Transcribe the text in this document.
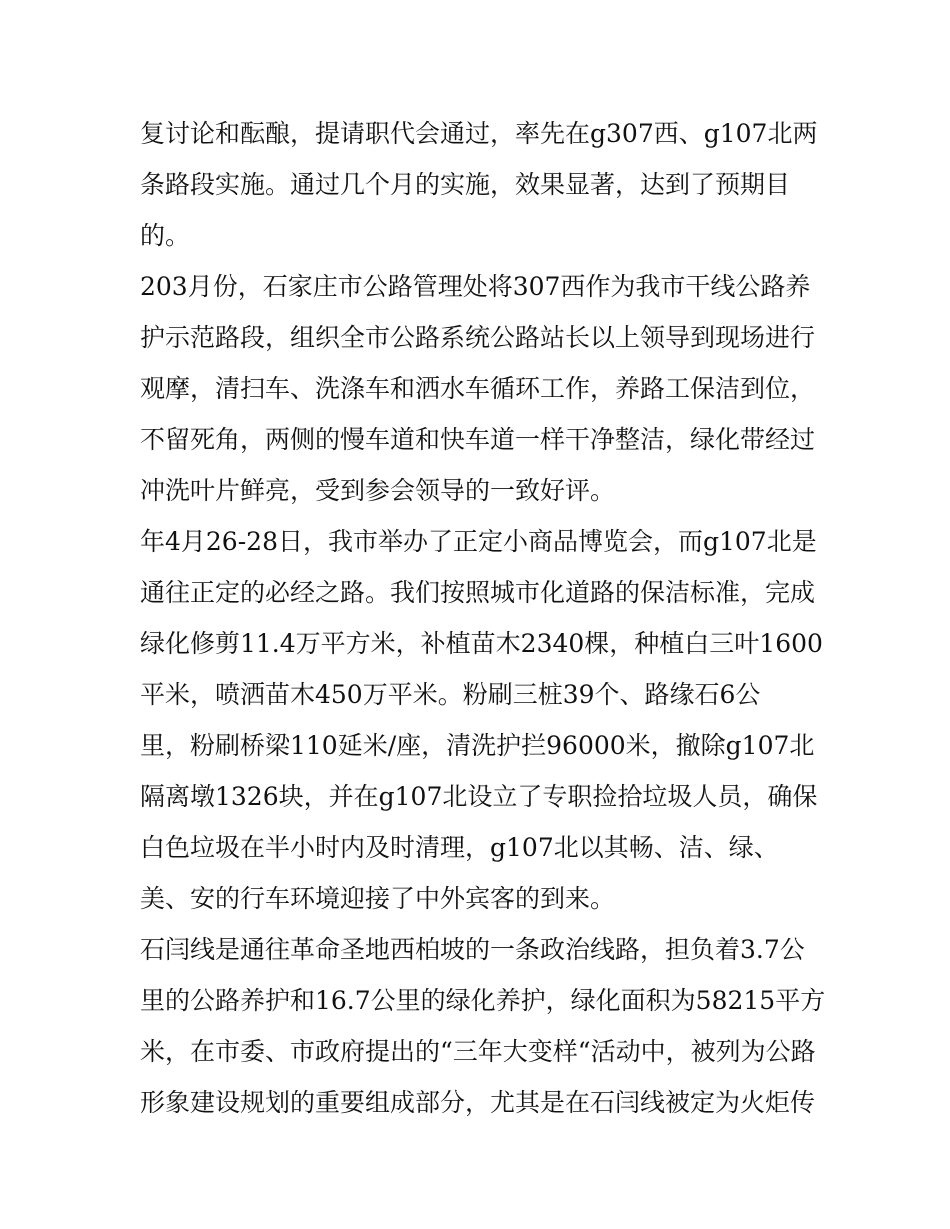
复讨论和酝酿，提请职代会通过，率先在g307西、g107北两
条路段实施。通过几个月的实施，效果显著，达到了预期目
的。
203月份，石家庄市公路管理处将307西作为我市干线公路养
护示范路段，组织全市公路系统公路站长以上领导到现场进行
观摩，清扫车、洗涤车和洒水车循环工作，养路工保洁到位，
不留死角，两侧的慢车道和快车道一样干净整洁，绿化带经过
冲洗叶片鲜亮，受到参会领导的一致好评。
年4月26-28日，我市举办了正定小商品博览会，而g107北是
通往正定的必经之路。我们按照城市化道路的保洁标准，完成
绿化修剪11.4万平方米，补植苗木2340棵，种植白三叶1600
平米，喷洒苗木450万平米。粉刷三桩39个、路缘石6公
里，粉刷桥梁110延米/座，清洗护拦96000米，撤除g107北
隔离墩1326块，并在g107北设立了专职捡拾垃圾人员，确保
白色垃圾在半小时内及时清理，g107北以其畅、洁、绿、
美、安的行车环境迎接了中外宾客的到来。
石闫线是通往革命圣地西柏坡的一条政治线路，担负着3.7公
里的公路养护和16.7公里的绿化养护，绿化面积为58215平方
米，在市委、市政府提出的“三年大变样“活动中，被列为公路
形象建设规划的重要组成部分，尤其是在石闫线被定为火炬传
